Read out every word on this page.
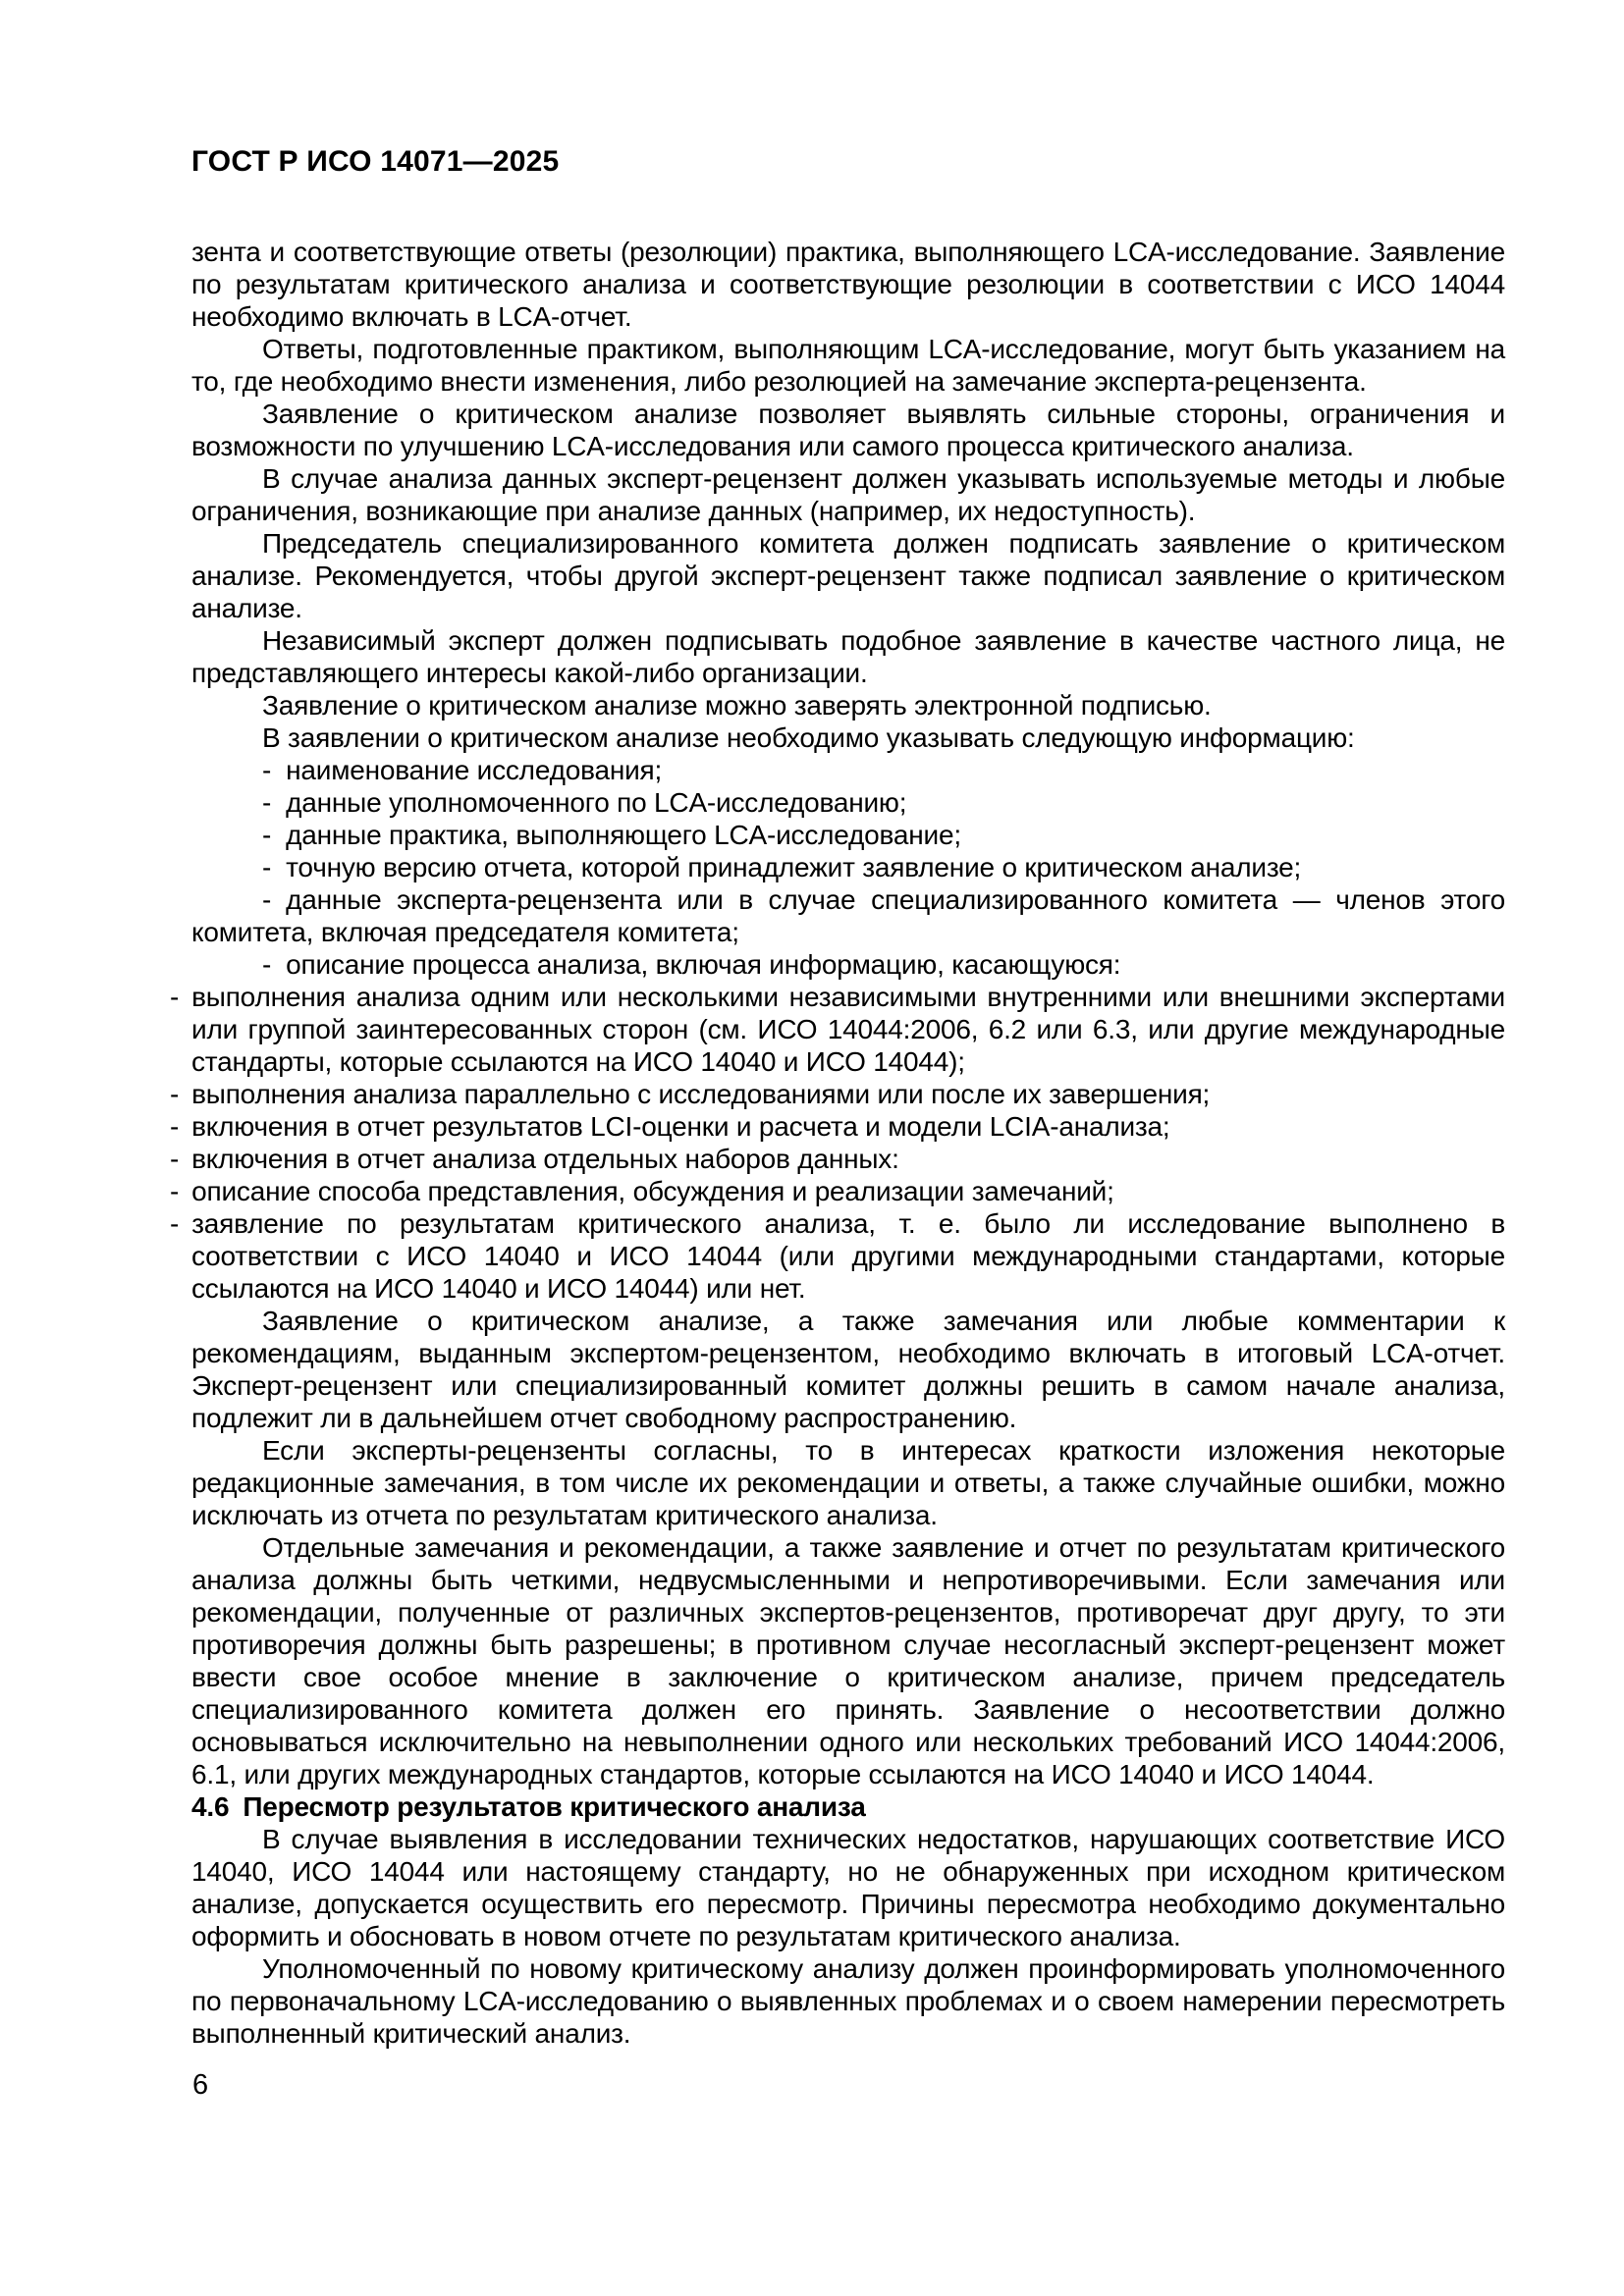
ГОСТ Р ИСО 14071—2025

зента и соответствующие ответы (резолюции) практика, выполняющего LCA-исследование. Заявление по результатам критического анализа и соответствующие резолюции в соответствии с ИСО 14044 необходимо включать в LCA-отчет.

Ответы, подготовленные практиком, выполняющим LCA-исследование, могут быть указанием на то, где необходимо внести изменения, либо резолюцией на замечание эксперта-рецензента.

Заявление о критическом анализе позволяет выявлять сильные стороны, ограничения и возможности по улучшению LCA-исследования или самого процесса критического анализа.

В случае анализа данных эксперт-рецензент должен указывать используемые методы и любые ограничения, возникающие при анализе данных (например, их недоступность).

Председатель специализированного комитета должен подписать заявление о критическом анализе. Рекомендуется, чтобы другой эксперт-рецензент также подписал заявление о критическом анализе.

Независимый эксперт должен подписывать подобное заявление в качестве частного лица, не представляющего интересы какой-либо организации.

Заявление о критическом анализе можно заверять электронной подписью.

В заявлении о критическом анализе необходимо указывать следующую информацию:

- наименование исследования;

- данные уполномоченного по LCA-исследованию;

- данные практика, выполняющего LCA-исследование;

- точную версию отчета, которой принадлежит заявление о критическом анализе;

- данные эксперта-рецензента или в случае специализированного комитета — членов этого комитета, включая председателя комитета;

- описание процесса анализа, включая информацию, касающуюся:

- выполнения анализа одним или несколькими независимыми внутренними или внешними экспертами или группой заинтересованных сторон (см. ИСО 14044:2006, 6.2 или 6.3, или другие международные стандарты, которые ссылаются на ИСО 14040 и ИСО 14044);

- выполнения анализа параллельно с исследованиями или после их завершения;

- включения в отчет результатов LCI-оценки и расчета и модели LCIA-анализа;

- включения в отчет анализа отдельных наборов данных:

- описание способа представления, обсуждения и реализации замечаний;

- заявление по результатам критического анализа, т. е. было ли исследование выполнено в соответствии с ИСО 14040 и ИСО 14044 (или другими международными стандартами, которые ссылаются на ИСО 14040 и ИСО 14044) или нет.

Заявление о критическом анализе, а также замечания или любые комментарии к рекомендациям, выданным экспертом-рецензентом, необходимо включать в итоговый LCA-отчет. Эксперт-рецензент или специализированный комитет должны решить в самом начале анализа, подлежит ли в дальнейшем отчет свободному распространению.

Если эксперты-рецензенты согласны, то в интересах краткости изложения некоторые редакционные замечания, в том числе их рекомендации и ответы, а также случайные ошибки, можно исключать из отчета по результатам критического анализа.

Отдельные замечания и рекомендации, а также заявление и отчет по результатам критического анализа должны быть четкими, недвусмысленными и непротиворечивыми. Если замечания или рекомендации, полученные от различных экспертов-рецензентов, противоречат друг другу, то эти противоречия должны быть разрешены; в противном случае несогласный эксперт-рецензент может ввести свое особое мнение в заключение о критическом анализе, причем председатель специализированного комитета должен его принять. Заявление о несоответствии должно основываться исключительно на невыполнении одного или нескольких требований ИСО 14044:2006, 6.1, или других международных стандартов, которые ссылаются на ИСО 14040 и ИСО 14044.

4.6 Пересмотр результатов критического анализа

В случае выявления в исследовании технических недостатков, нарушающих соответствие ИСО 14040, ИСО 14044 или настоящему стандарту, но не обнаруженных при исходном критическом анализе, допускается осуществить его пересмотр. Причины пересмотра необходимо документально оформить и обосновать в новом отчете по результатам критического анализа.

Уполномоченный по новому критическому анализу должен проинформировать уполномоченного по первоначальному LCA-исследованию о выявленных проблемах и о своем намерении пересмотреть выполненный критический анализ.

6
